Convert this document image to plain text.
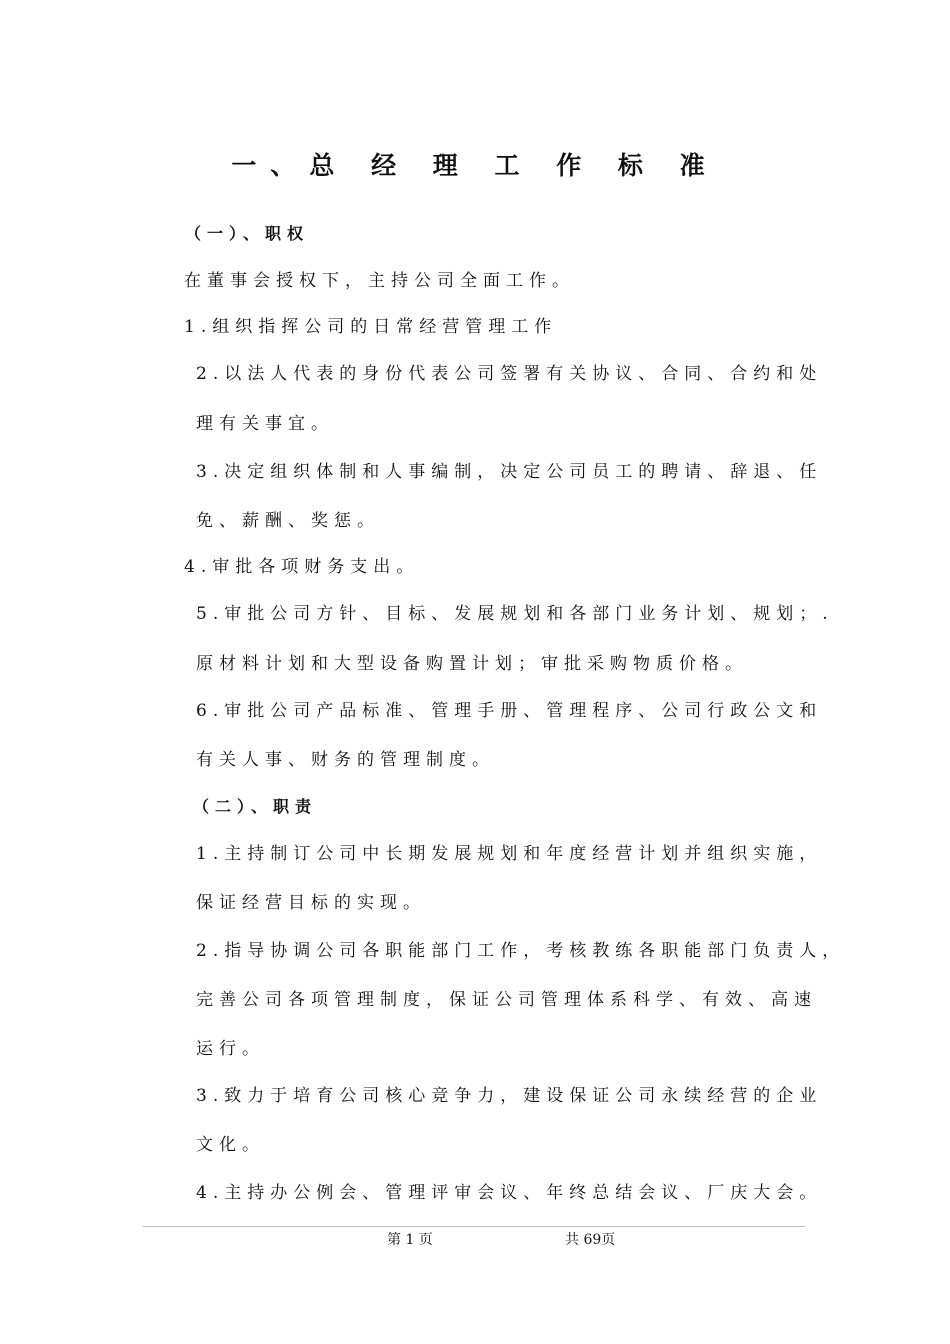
一、总 经 理 工 作 标 准
（一）、职权
在董事会授权下，主持公司全面工作。
1.组织指挥公司的日常经营管理工作
2.以法人代表的身份代表公司签署有关协议、合同、合约和处
理有关事宜。
3.决定组织体制和人事编制，决定公司员工的聘请、辞退、任
免、薪酬、奖惩。
4.审批各项财务支出。
5.审批公司方针、目标、发展规划和各部门业务计划、规划；.
原材料计划和大型设备购置计划；审批采购物质价格。
6.审批公司产品标准、管理手册、管理程序、公司行政公文和
有关人事、财务的管理制度。
（二）、职责
1.主持制订公司中长期发展规划和年度经营计划并组织实施，
保证经营目标的实现。
2.指导协调公司各职能部门工作，考核教练各职能部门负责人，
完善公司各项管理制度，保证公司管理体系科学、有效、高速
运行。
3.致力于培育公司核心竞争力，建设保证公司永续经营的企业
文化。
4.主持办公例会、管理评审会议、年终总结会议、厂庆大会。
第 1 页	共 69页
